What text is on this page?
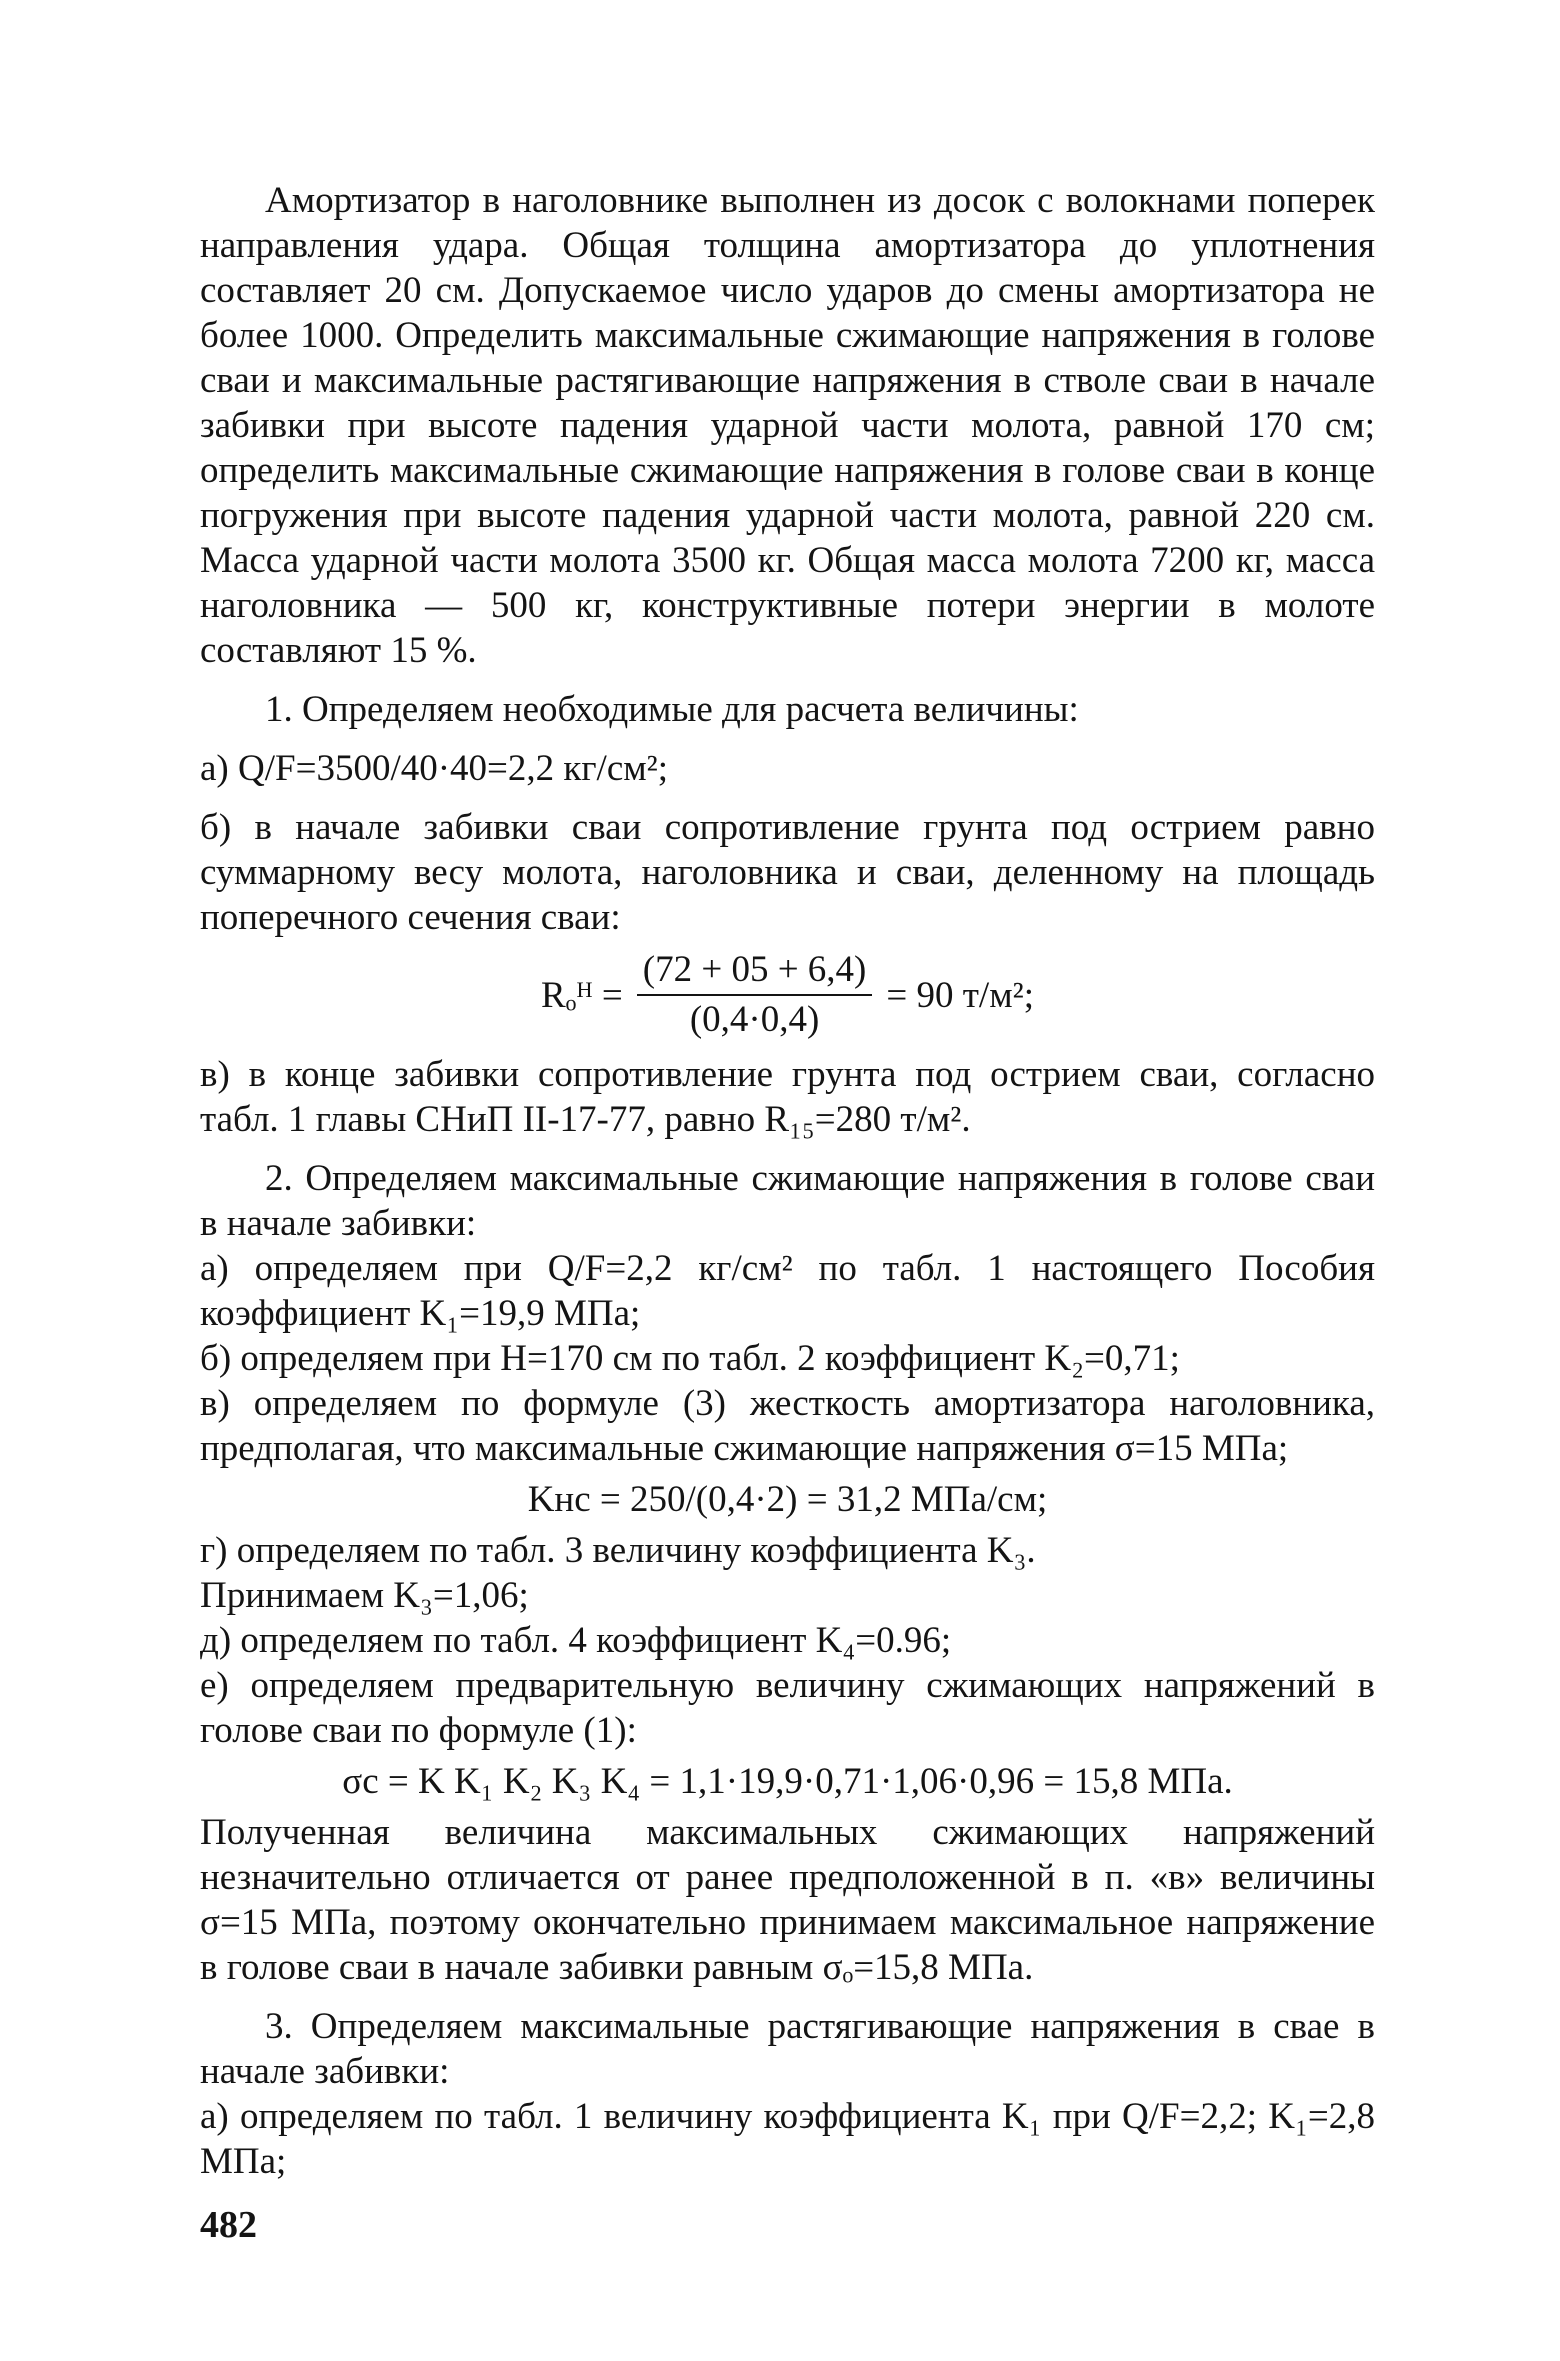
Амортизатор в наголовнике выполнен из досок с волокнами поперек направления удара. Общая толщина амортизатора до уплотнения составляет 20 см. Допускаемое число ударов до смены амортизатора не более 1000. Определить максимальные сжимающие напряжения в голове сваи и максимальные растягивающие напряжения в стволе сваи в начале забивки при высоте падения ударной части молота, равной 170 см; определить максимальные сжимающие напряжения в голове сваи в конце погружения при высоте падения ударной части молота, равной 220 см. Масса ударной части молота 3500 кг. Общая масса молота 7200 кг, масса наголовника — 500 кг, конструктивные потери энергии в молоте составляют 15 %.

1. Определяем необходимые для расчета величины:

а) Q/F=3500/40·40=2,2 кг/см²;

б) в начале забивки сваи сопротивление грунта под острием равно суммарному весу молота, наголовника и сваи, деленному на площадь поперечного сечения сваи:

Rₒᴴ = $\frac{(72 + 05 + 6,4)}{(0,4\cdot 0,4)} = 90$ т/м²;

в) в конце забивки сопротивление грунта под острием сваи, согласно табл. 1 главы СНиП II-17-77, равно R₁₅=280 т/м².

2. Определяем максимальные сжимающие напряжения в голове сваи в начале забивки:

а) определяем при Q/F=2,2 кг/см² по табл. 1 настоящего Пособия коэффициент K₁=19,9 МПа;

б) определяем при H=170 см по табл. 2 коэффициент K₂=0,71;

в) определяем по формуле (3) жесткость амортизатора наголовника, предполагая, что максимальные сжимающие напряжения σ=15 МПа;

Kнс = 250/(0,4·2) = 31,2 МПа/см;

г) определяем по табл. 3 величину коэффициента K₃.

Принимаем K₃=1,06;

д) определяем по табл. 4 коэффициент K₄=0.96;

е) определяем предварительную величину сжимающих напряжений в голове сваи по формуле (1):

σc = K K₁ K₂ K₃ K₄ = 1,1·19,9·0,71·1,06·0,96 = 15,8 МПа.

Полученная величина максимальных сжимающих напряжений незначительно отличается от ранее предположенной в п. «в» величины σ=15 МПа, поэтому окончательно принимаем максимальное напряжение в голове сваи в начале забивки равным σₒ=15,8 МПа.

3. Определяем максимальные растягивающие напряжения в свае в начале забивки:

а) определяем по табл. 1 величину коэффициента K₁ при Q/F=2,2; K₁=2,8 МПа;

482
